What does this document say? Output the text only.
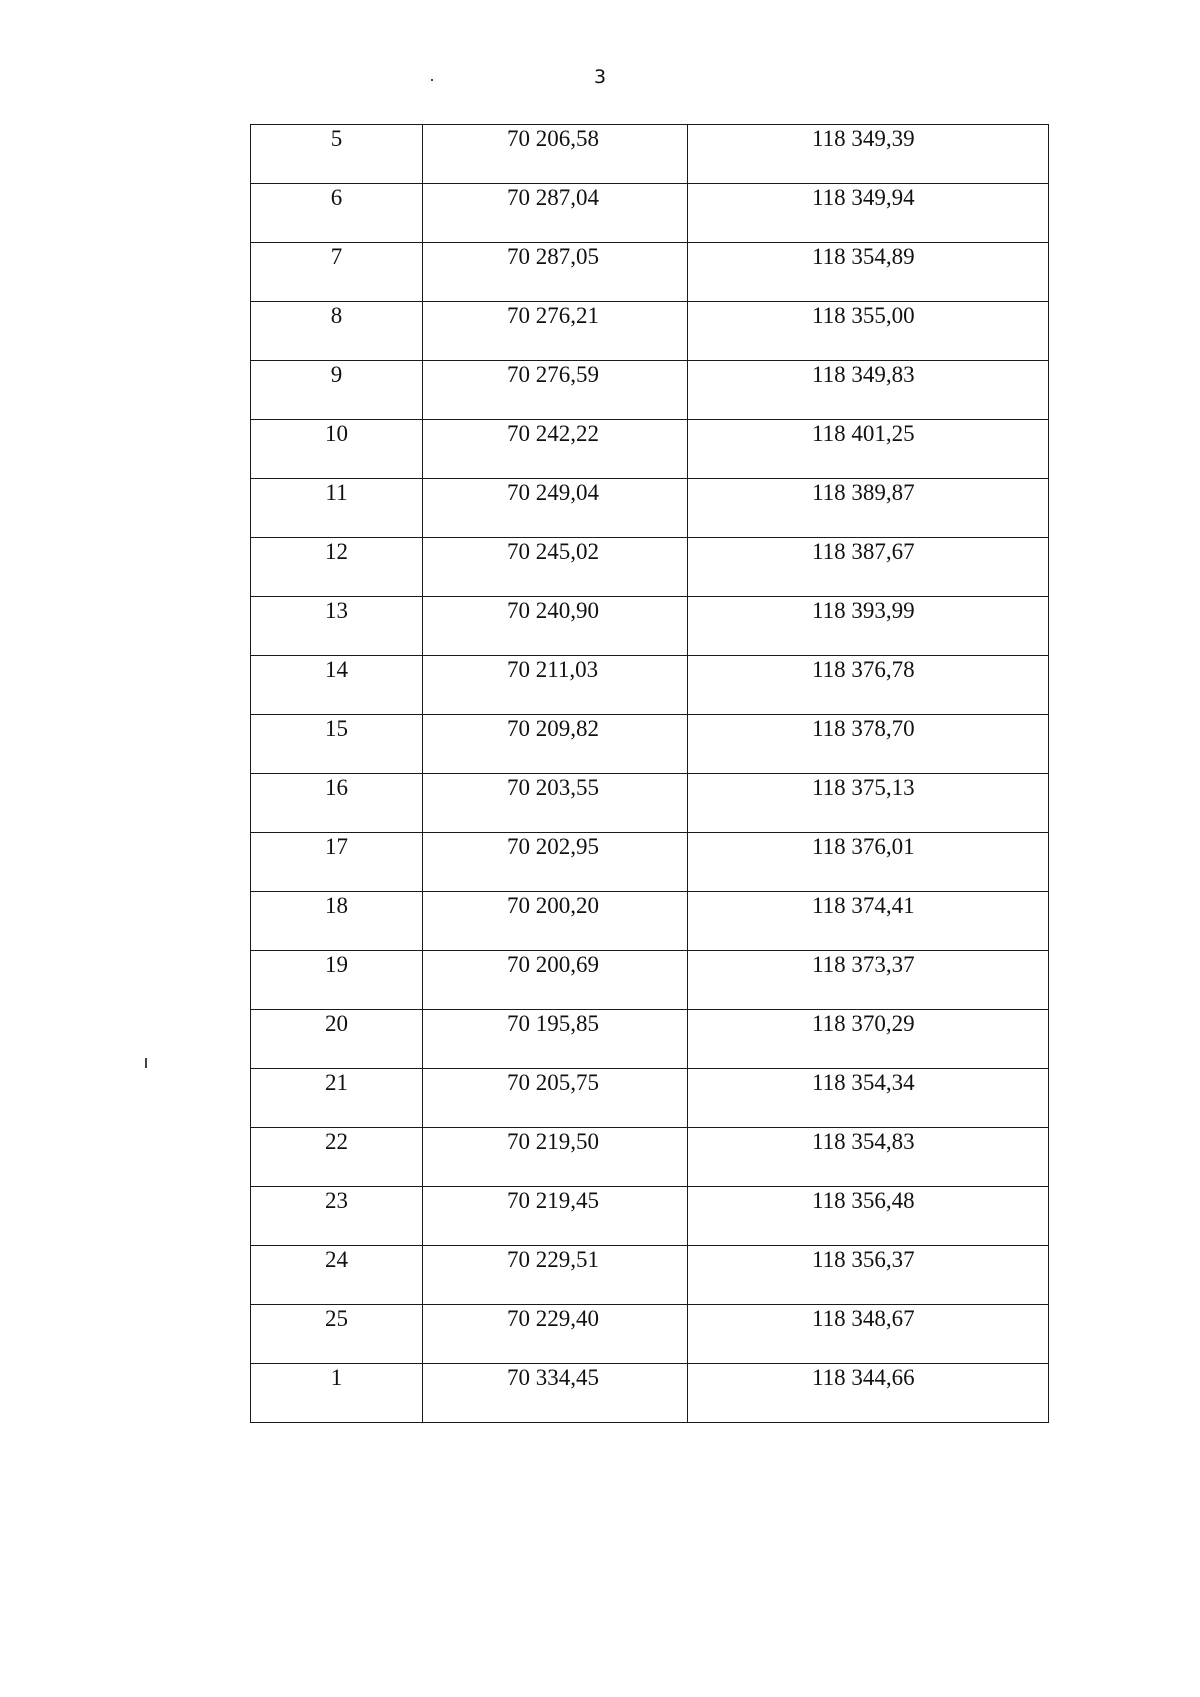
3
5	70 206,58	118 349,39
6	70 287,04	118 349,94
7	70 287,05	118 354,89
8	70 276,21	118 355,00
9	70 276,59	118 349,83
10	70 242,22	118 401,25
11	70 249,04	118 389,87
12	70 245,02	118 387,67
13	70 240,90	118 393,99
14	70 211,03	118 376,78
15	70 209,82	118 378,70
16	70 203,55	118 375,13
17	70 202,95	118 376,01
18	70 200,20	118 374,41
19	70 200,69	118 373,37
20	70 195,85	118 370,29
21	70 205,75	118 354,34
22	70 219,50	118 354,83
23	70 219,45	118 356,48
24	70 229,51	118 356,37
25	70 229,40	118 348,67
1	70 334,45	118 344,66
